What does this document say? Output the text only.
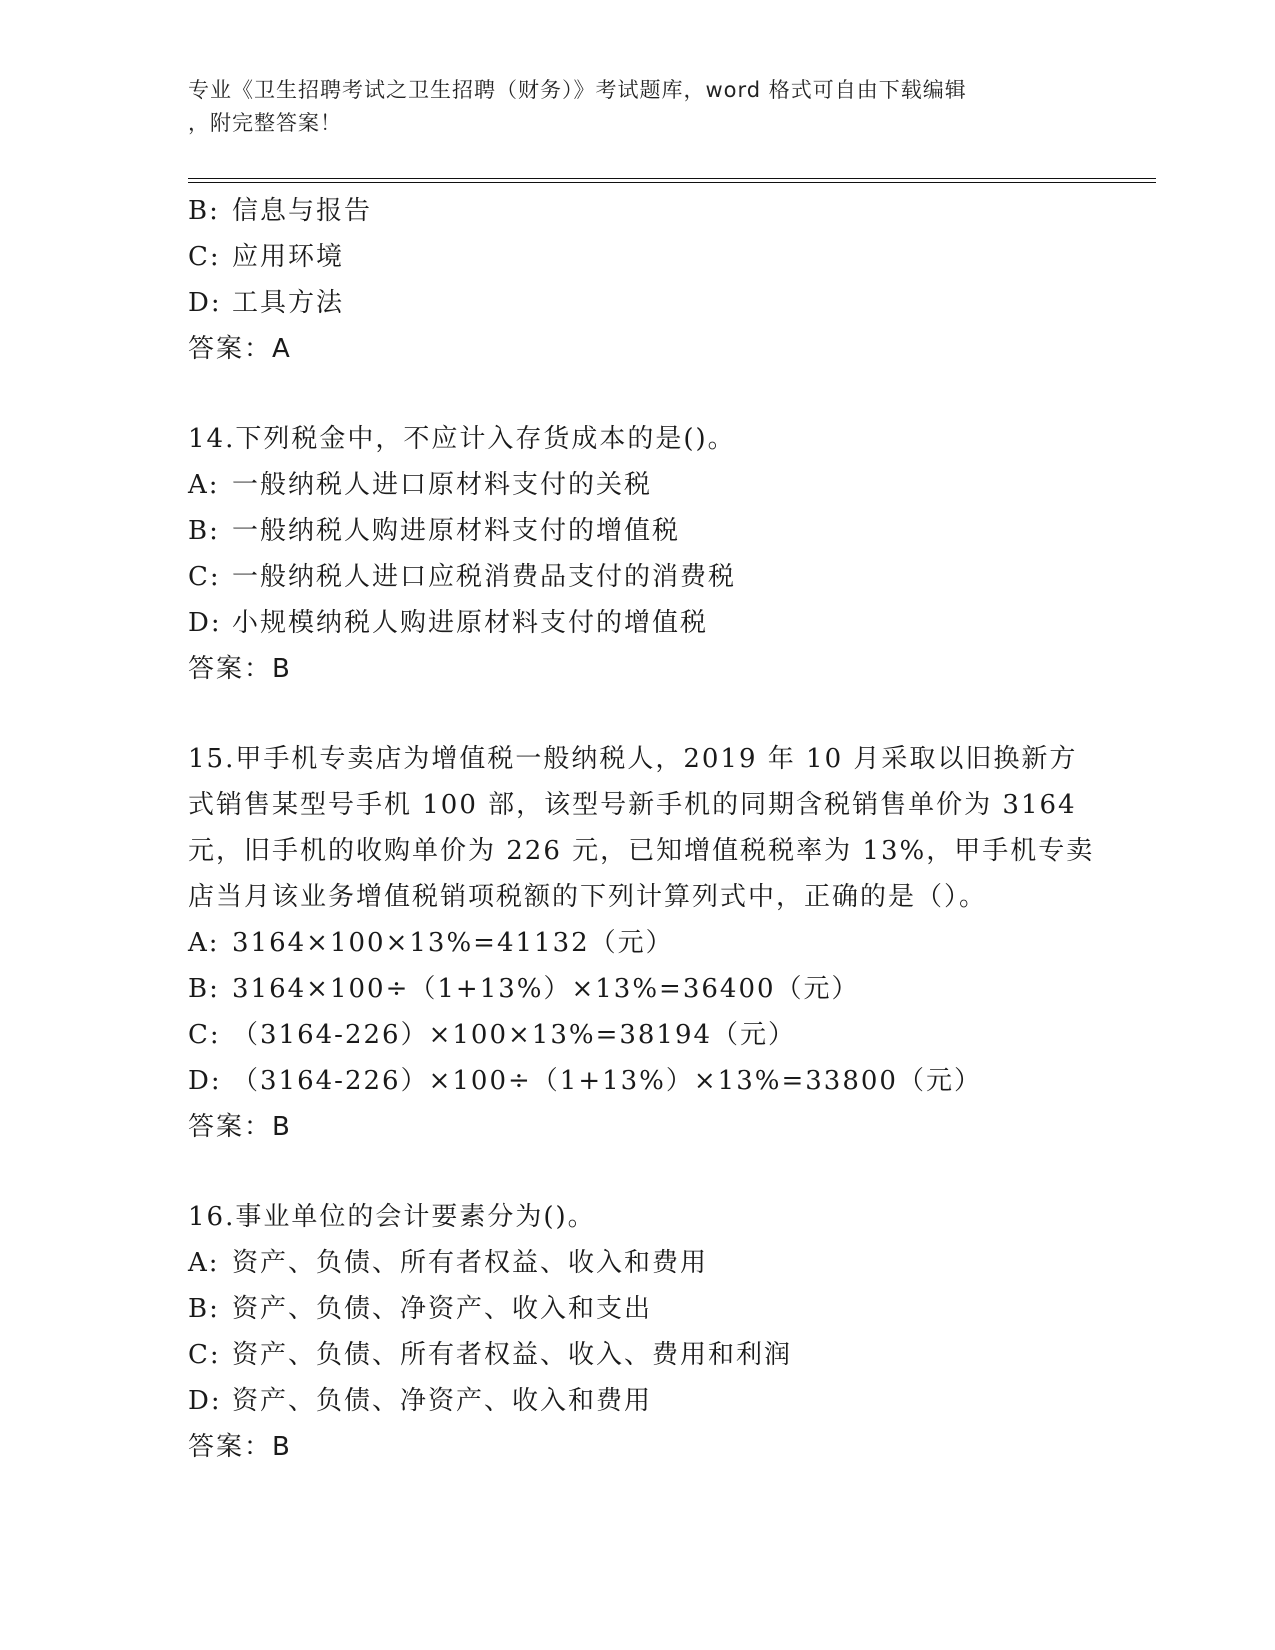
专业《卫生招聘考试之卫生招聘（财务）》考试题库，word 格式可自由下载编辑
，附完整答案！
B: 信息与报告
C: 应用环境
D: 工具方法
答案：A
14.下列税金中，不应计入存货成本的是()。
A: 一般纳税人进口原材料支付的关税
B: 一般纳税人购进原材料支付的增值税
C: 一般纳税人进口应税消费品支付的消费税
D: 小规模纳税人购进原材料支付的增值税
答案：B
15.甲手机专卖店为增值税一般纳税人，2019 年 10 月采取以旧换新方
式销售某型号手机 100 部，该型号新手机的同期含税销售单价为 3164
元，旧手机的收购单价为 226 元，已知增值税税率为 13%，甲手机专卖
店当月该业务增值税销项税额的下列计算列式中，正确的是（）。
A: 3164×100×13%=41132（元）
B: 3164×100÷（1+13%）×13%=36400（元）
C: （3164-226）×100×13%=38194（元）
D: （3164-226）×100÷（1+13%）×13%=33800（元）
答案：B
16.事业单位的会计要素分为()。
A: 资产、负债、所有者权益、收入和费用
B: 资产、负债、净资产、收入和支出
C: 资产、负债、所有者权益、收入、费用和利润
D: 资产、负债、净资产、收入和费用
答案：B
